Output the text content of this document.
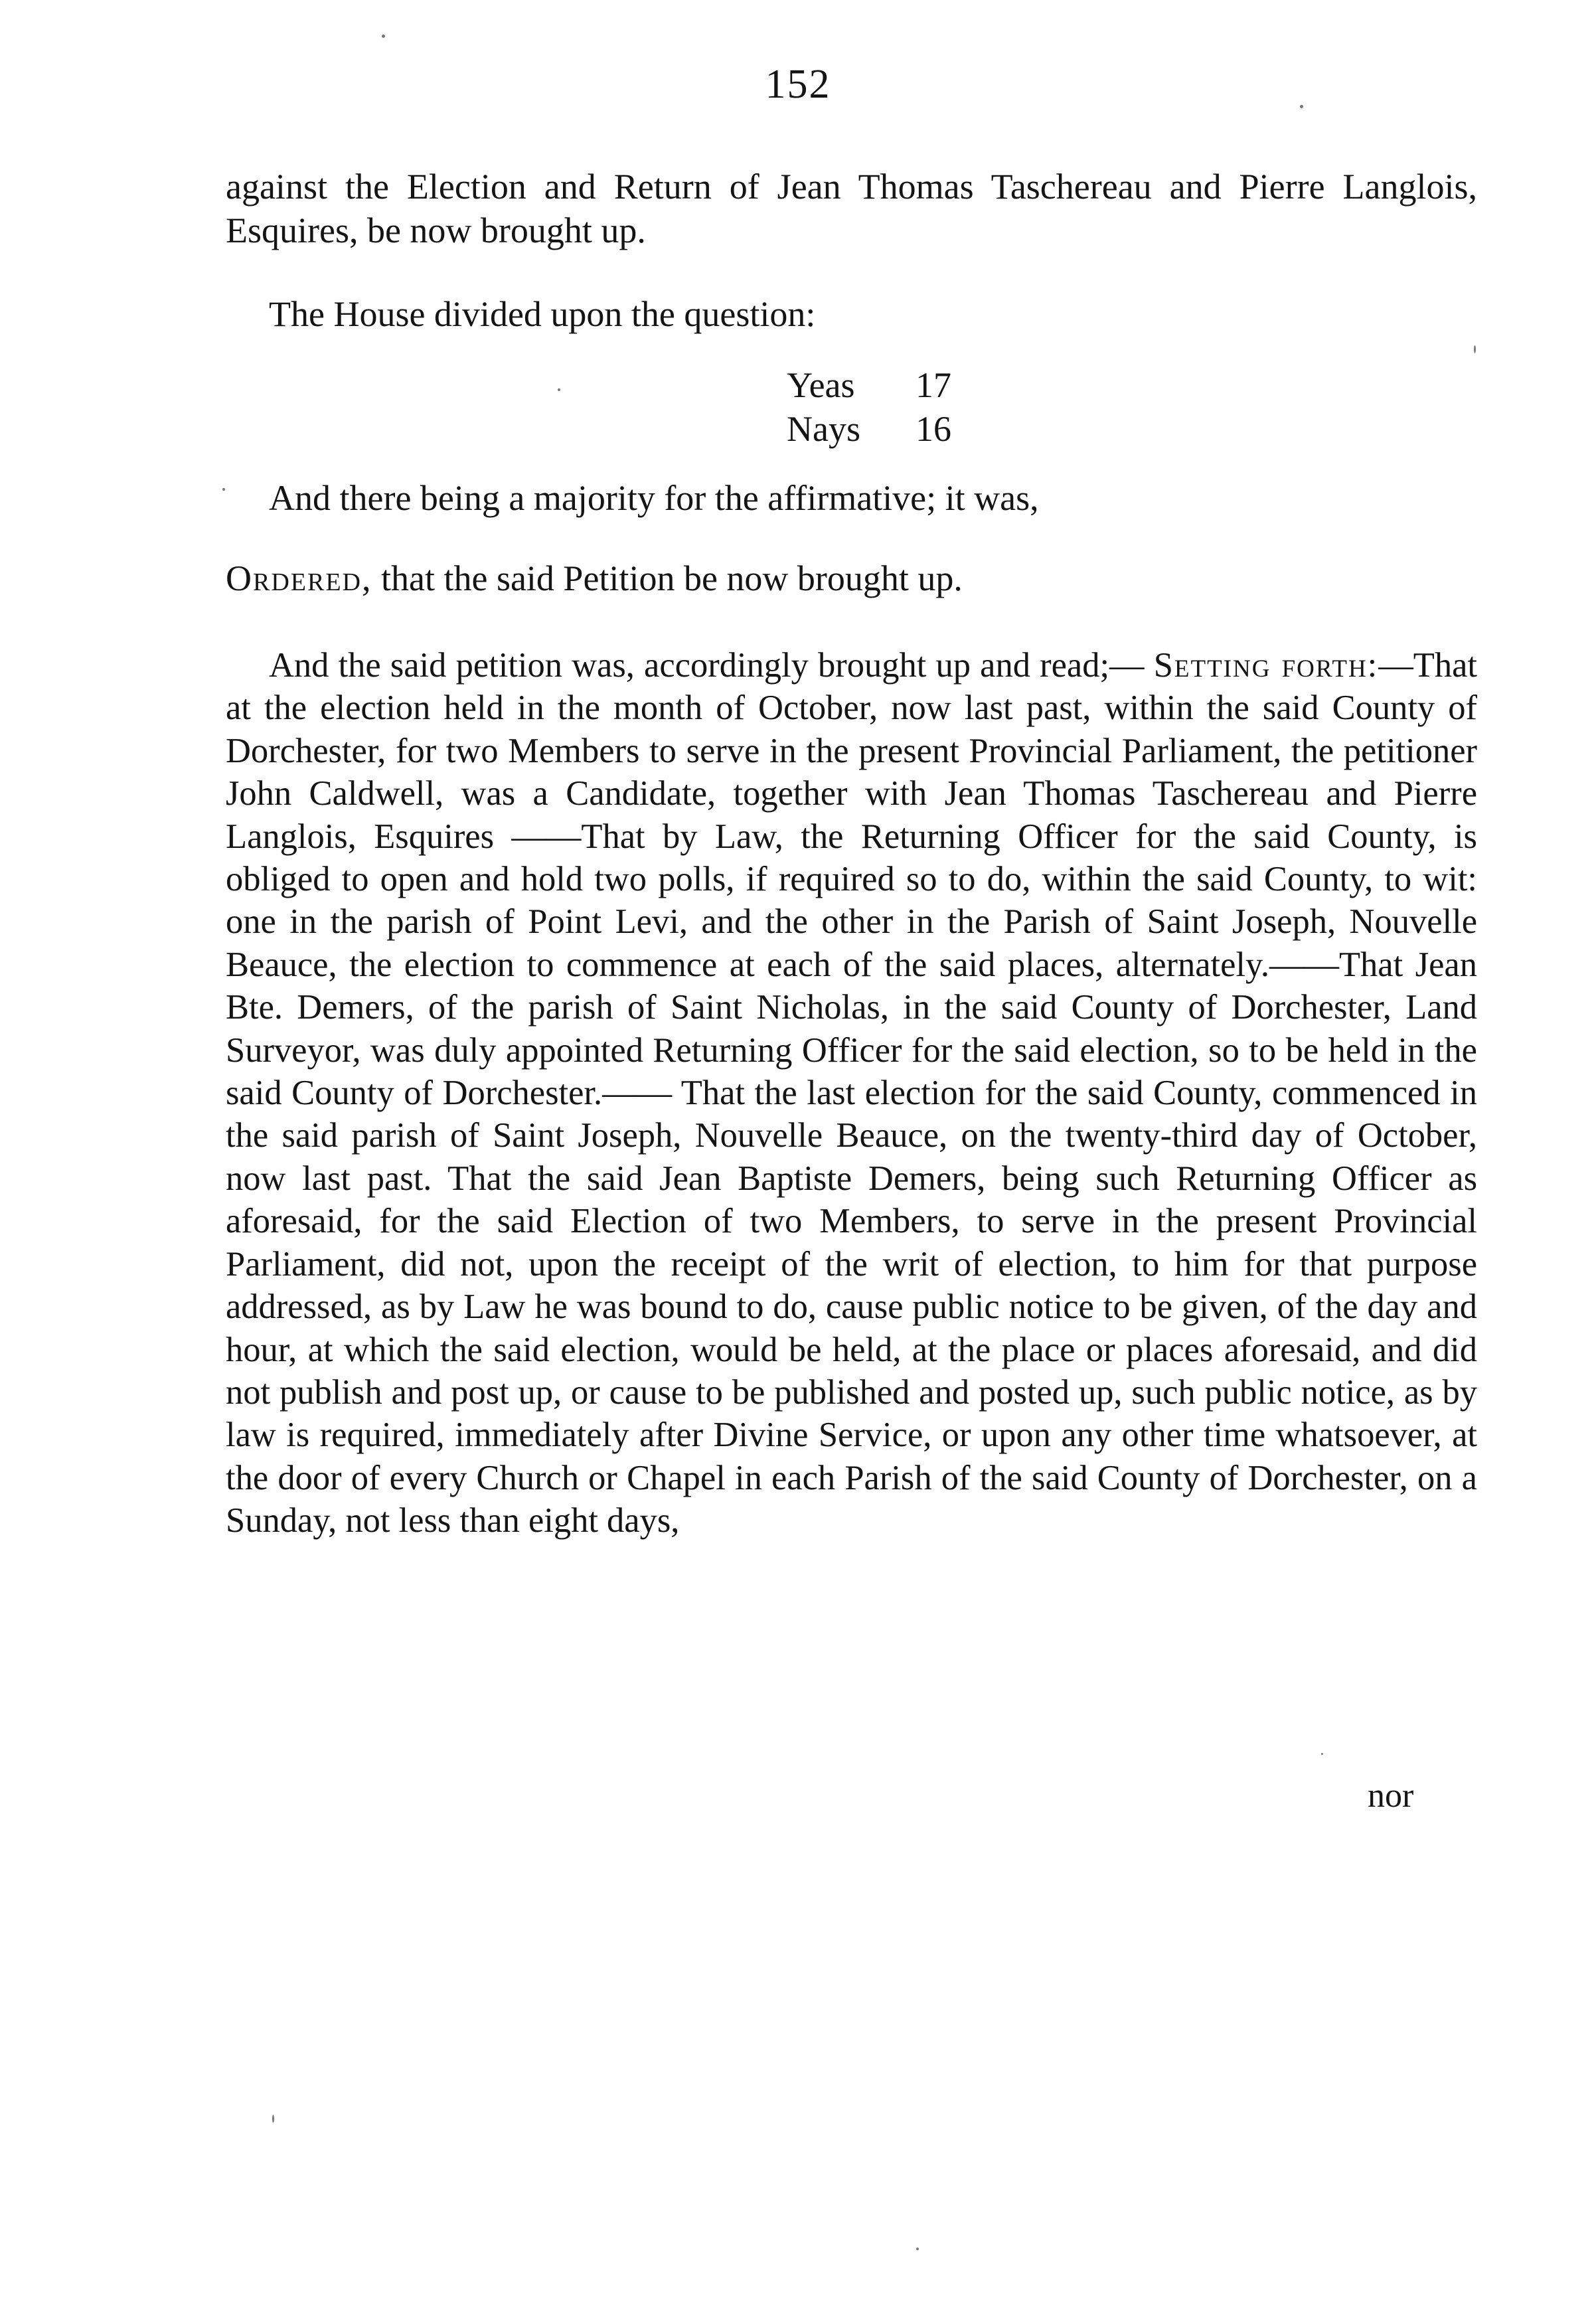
152
against the Election and Return of Jean Thomas Taschereau and Pierre Langlois, Esquires, be now brought up.
The House divided upon the question:
Yeas	17
Nays	16
And there being a majority for the affirmative; it was,
Ordered, that the said Petition be now brought up.

And the said petition was, accordingly brought up and read;— Setting forth:—That at the election held in the month of October, now last past, within the said County of Dorchester, for two Members to serve in the present Provincial Parliament, the petitioner John Caldwell, was a Candidate, together with Jean Thomas Taschereau and Pierre Langlois, Esquires ——That by Law, the Returning Officer for the said County, is obliged to open and hold two polls, if required so to do, within the said County, to wit: one in the parish of Point Levi, and the other in the Parish of Saint Joseph, Nouvelle Beauce, the election to commence at each of the said places, alternately.——That Jean Bte. Demers, of the parish of Saint Nicholas, in the said County of Dorchester, Land Surveyor, was duly appointed Returning Officer for the said election, so to be held in the said County of Dorchester.—— That the last election for the said County, commenced in the said parish of Saint Joseph, Nouvelle Beauce, on the twenty-third day of October, now last past. That the said Jean Baptiste Demers, being such Returning Officer as aforesaid, for the said Election of two Members, to serve in the present Provincial Parliament, did not, upon the receipt of the writ of election, to him for that purpose addressed, as by Law he was bound to do, cause public notice to be given, of the day and hour, at which the said election, would be held, at the place or places aforesaid, and did not publish and post up, or cause to be published and posted up, such public notice, as by law is required, immediately after Divine Service, or upon any other time whatsoever, at the door of every Church or Chapel in each Parish of the said County of Dorchester, on a Sunday, not less than eight days,

nor
